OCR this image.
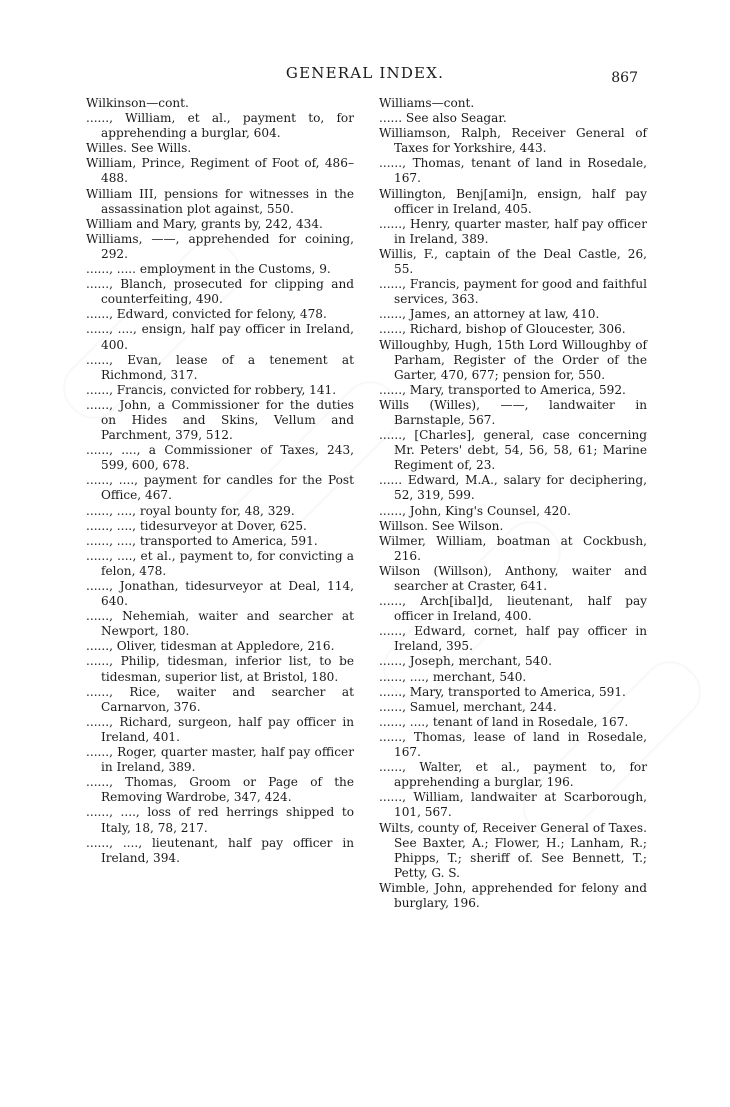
GENERAL INDEX.	867

Wilkinson—cont.

......, William, et al., payment to, for apprehending a burglar, 604.

Willes. See Wills.

William, Prince, Regiment of Foot of, 486–488.

William III, pensions for witnesses in the assassination plot against, 550.

William and Mary, grants by, 242, 434.

Williams, ——, apprehended for coining, 292.

......, ..... employment in the Customs, 9.

......, Blanch, prosecuted for clipping and counterfeiting, 490.

......, Edward, convicted for felony, 478.

......, ...., ensign, half pay officer in Ireland, 400.

......, Evan, lease of a tenement at Richmond, 317.

......, Francis, convicted for robbery, 141.

......, John, a Commissioner for the duties on Hides and Skins, Vellum and Parchment, 379, 512.

......, ...., a Commissioner of Taxes, 243, 599, 600, 678.

......, ...., payment for candles for the Post Office, 467.

......, ...., royal bounty for, 48, 329.

......, ...., tidesurveyor at Dover, 625.

......, ...., transported to America, 591.

......, ...., et al., payment to, for convicting a felon, 478.

......, Jonathan, tidesurveyor at Deal, 114, 640.

......, Nehemiah, waiter and searcher at Newport, 180.

......, Oliver, tidesman at Appledore, 216.

......, Philip, tidesman, inferior list, to be tidesman, superior list, at Bristol, 180.

......, Rice, waiter and searcher at Carnarvon, 376.

......, Richard, surgeon, half pay officer in Ireland, 401.

......, Roger, quarter master, half pay officer in Ireland, 389.

......, Thomas, Groom or Page of the Removing Wardrobe, 347, 424.

......, ...., loss of red herrings shipped to Italy, 18, 78, 217.

......, ...., lieutenant, half pay officer in Ireland, 394.

Williams—cont.

...... See also Seagar.

Williamson, Ralph, Receiver General of Taxes for Yorkshire, 443.

......, Thomas, tenant of land in Rosedale, 167.

Willington, Benj[ami]n, ensign, half pay officer in Ireland, 405.

......, Henry, quarter master, half pay officer in Ireland, 389.

Willis, F., captain of the Deal Castle, 26, 55.

......, Francis, payment for good and faithful services, 363.

......, James, an attorney at law, 410.

......, Richard, bishop of Gloucester, 306.

Willoughby, Hugh, 15th Lord Willoughby of Parham, Register of the Order of the Garter, 470, 677; pension for, 550.

......, Mary, transported to America, 592.

Wills (Willes), ——, landwaiter in Barnstaple, 567.

......, [Charles], general, case concerning Mr. Peters' debt, 54, 56, 58, 61; Marine Regiment of, 23.

...... Edward, M.A., salary for deciphering, 52, 319, 599.

......, John, King's Counsel, 420.

Willson. See Wilson.

Wilmer, William, boatman at Cockbush, 216.

Wilson (Willson), Anthony, waiter and searcher at Craster, 641.

......, Arch[ibal]d, lieutenant, half pay officer in Ireland, 400.

......, Edward, cornet, half pay officer in Ireland, 395.

......, Joseph, merchant, 540.

......, ...., merchant, 540.

......, Mary, transported to America, 591.

......, Samuel, merchant, 244.

......, ...., tenant of land in Rosedale, 167.

......, Thomas, lease of land in Rosedale, 167.

......, Walter, et al., payment to, for apprehending a burglar, 196.

......, William, landwaiter at Scarborough, 101, 567.

Wilts, county of, Receiver General of Taxes. See Baxter, A.; Flower, H.; Lanham, R.; Phipps, T.; sheriff of. See Bennett, T.; Petty, G. S.

Wimble, John, apprehended for felony and burglary, 196.
